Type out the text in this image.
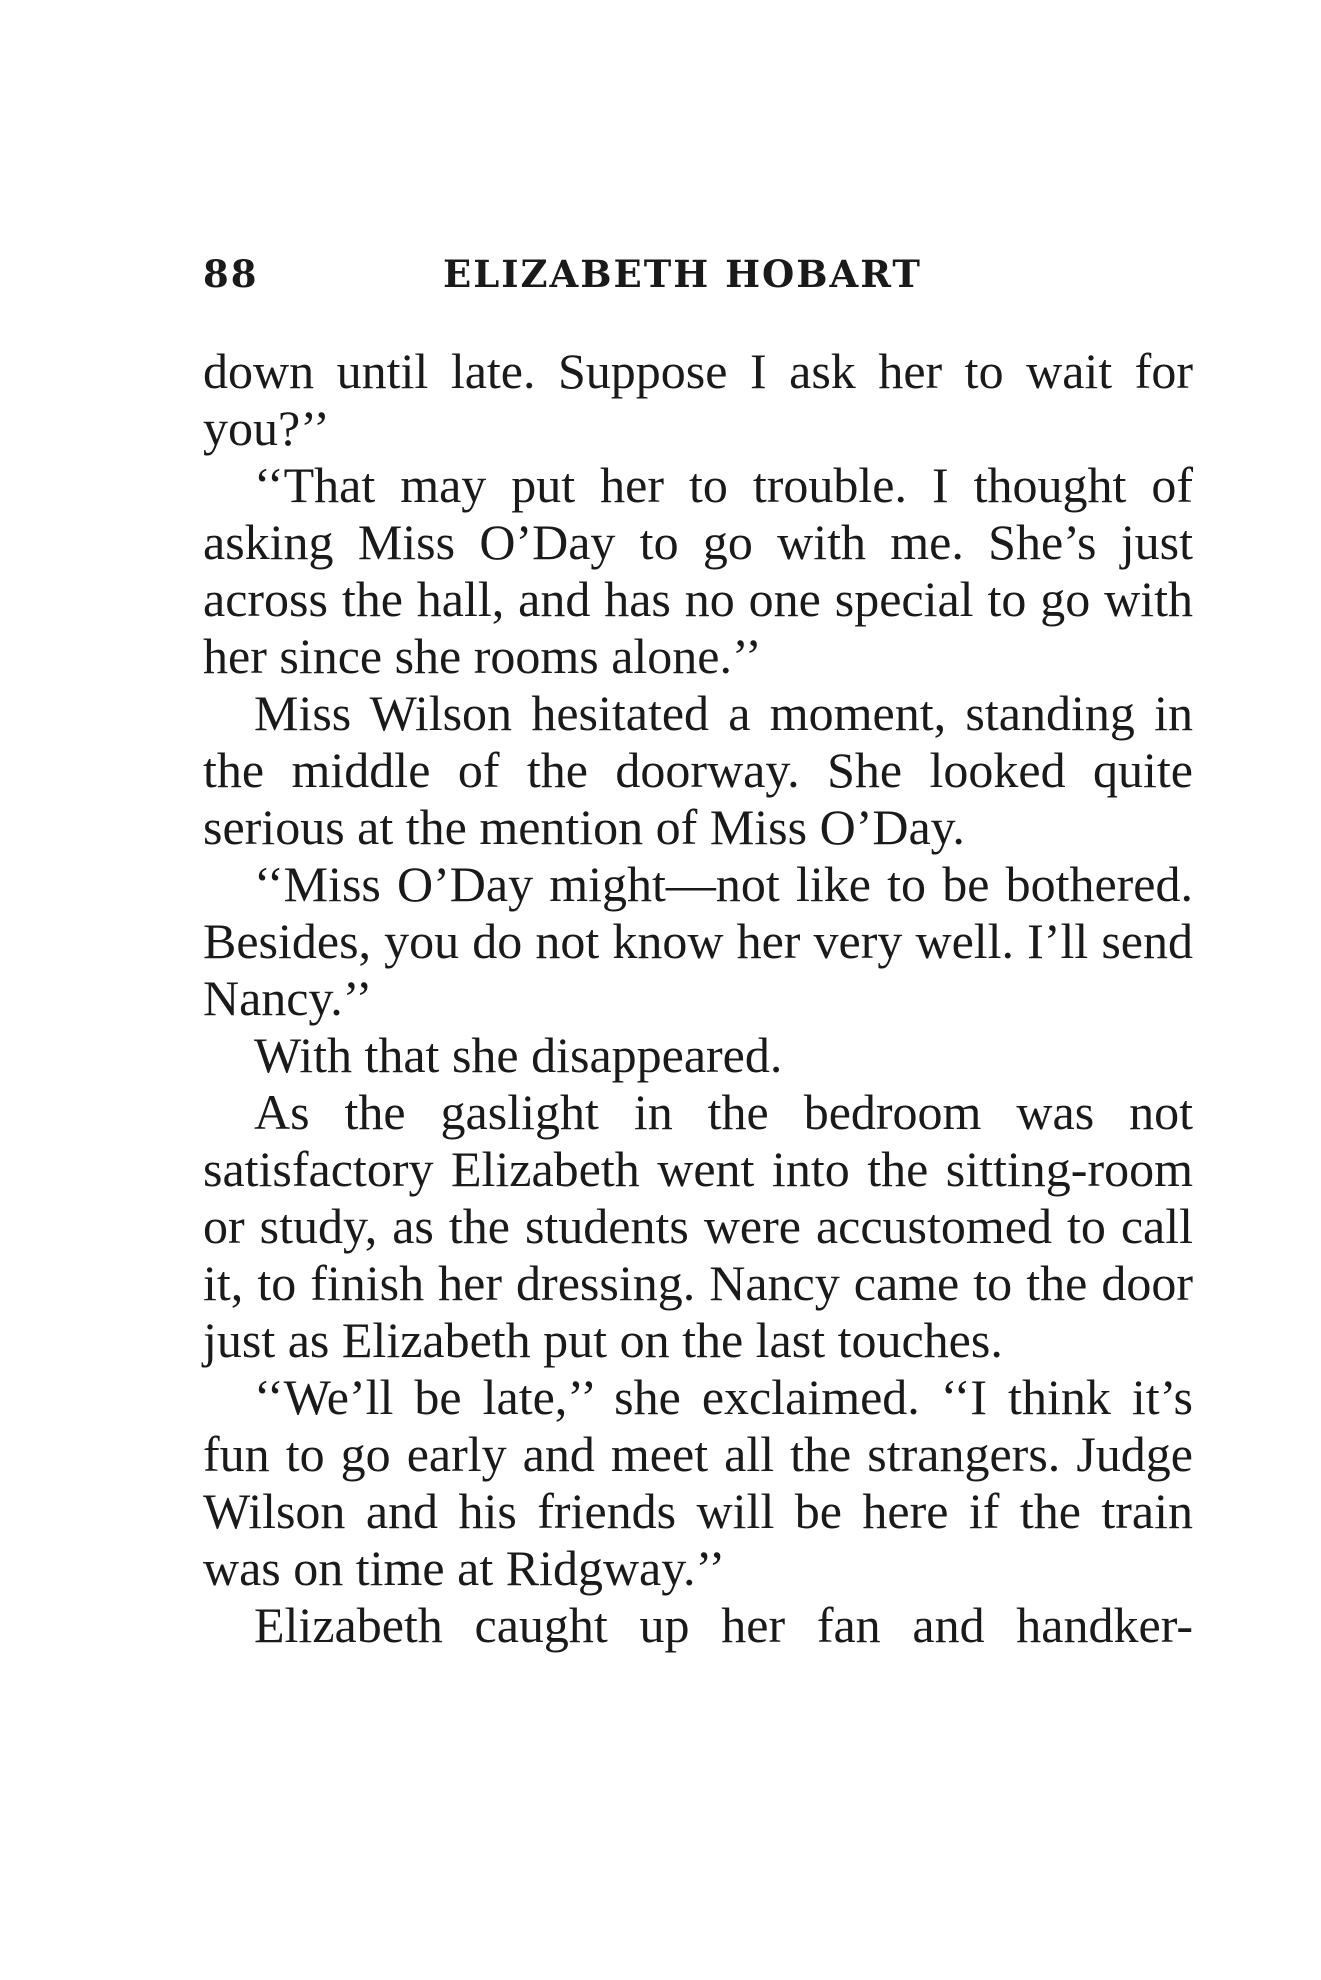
88	ELIZABETH HOBART

down until late. Suppose I ask her to wait for you?’’

‘‘That may put her to trouble. I thought of asking Miss O’Day to go with me. She’s just across the hall, and has no one special to go with her since she rooms alone.’’

Miss Wilson hesitated a moment, standing in the middle of the doorway. She looked quite serious at the mention of Miss O’Day.

‘‘Miss O’Day might—not like to be bothered. Besides, you do not know her very well. I’ll send Nancy.’’

With that she disappeared.

As the gaslight in the bedroom was not satisfactory Elizabeth went into the sitting-room or study, as the students were accustomed to call it, to finish her dressing. Nancy came to the door just as Elizabeth put on the last touches.

‘‘We’ll be late,’’ she exclaimed. ‘‘I think it’s fun to go early and meet all the strangers. Judge Wilson and his friends will be here if the train was on time at Ridgway.’’

Elizabeth caught up her fan and handker-
